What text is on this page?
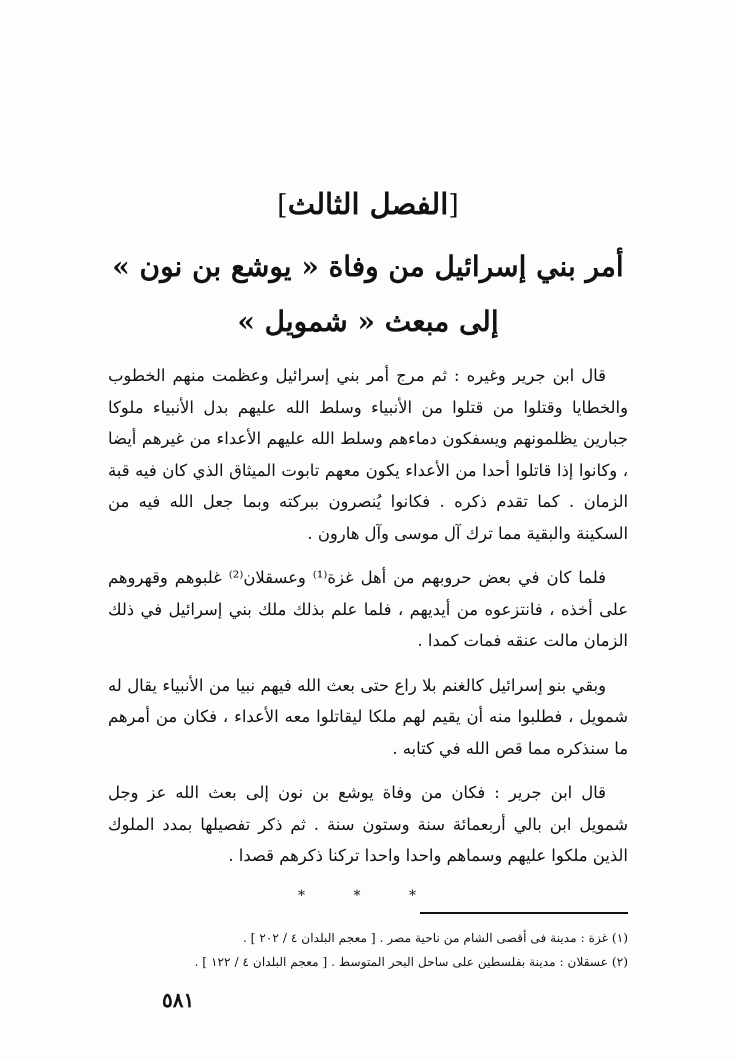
[الفصل الثالث]
أمر بني إسرائيل من وفاة « يوشع بن نون »
إلى مبعث « شمويل »

قال ابن جرير وغيره : ثم مرج أمر بني إسرائيل وعظمت منهم الخطوب والخطايا وقتلوا من قتلوا من الأنبياء وسلط الله عليهم بدل الأنبياء ملوكا جبارين يظلمونهم ويسفكون دماءهم وسلط الله عليهم الأعداء من غيرهم أيضا ، وكانوا إذا قاتلوا أحدا من الأعداء يكون معهم تابوت الميثاق الذي كان فيه قبة الزمان . كما تقدم ذكره . فكانوا يُنصرون ببركته وبما جعل الله فيه من السكينة والبقية مما ترك آل موسى وآل هارون .

فلما كان في بعض حروبهم من أهل غزة⁽¹⁾ وعسقلان⁽²⁾ غلبوهم وقهروهم على أخذه ، فانتزعوه من أيديهم ، فلما علم بذلك ملك بني إسرائيل في ذلك الزمان مالت عنقه فمات كمدا .

وبقي بنو إسرائيل كالغنم بلا راع حتى بعث الله فيهم نبيا من الأنبياء يقال له شمويل ، فطلبوا منه أن يقيم لهم ملكا ليقاتلوا معه الأعداء ، فكان من أمرهم ما سنذكره مما قص الله في كتابه .

قال ابن جرير : فكان من وفاة يوشع بن نون إلى بعث الله عز وجل شمويل ابن بالي أربعمائة سنة وستون سنة . ثم ذكر تفصيلها بمدد الملوك الذين ملكوا عليهم وسماهم واحدا واحدا تركنا ذكرهم قصدا .

* * *
(١) غزة : مدينة فى أقصى الشام من ناحية مصر . [ معجم البلدان ٤ / ٢٠٢ ] .
(٢) عسقلان : مدينة بفلسطين على ساحل البحر المتوسط . [ معجم البلدان ٤ / ١٢٢ ] .
٥٨١
